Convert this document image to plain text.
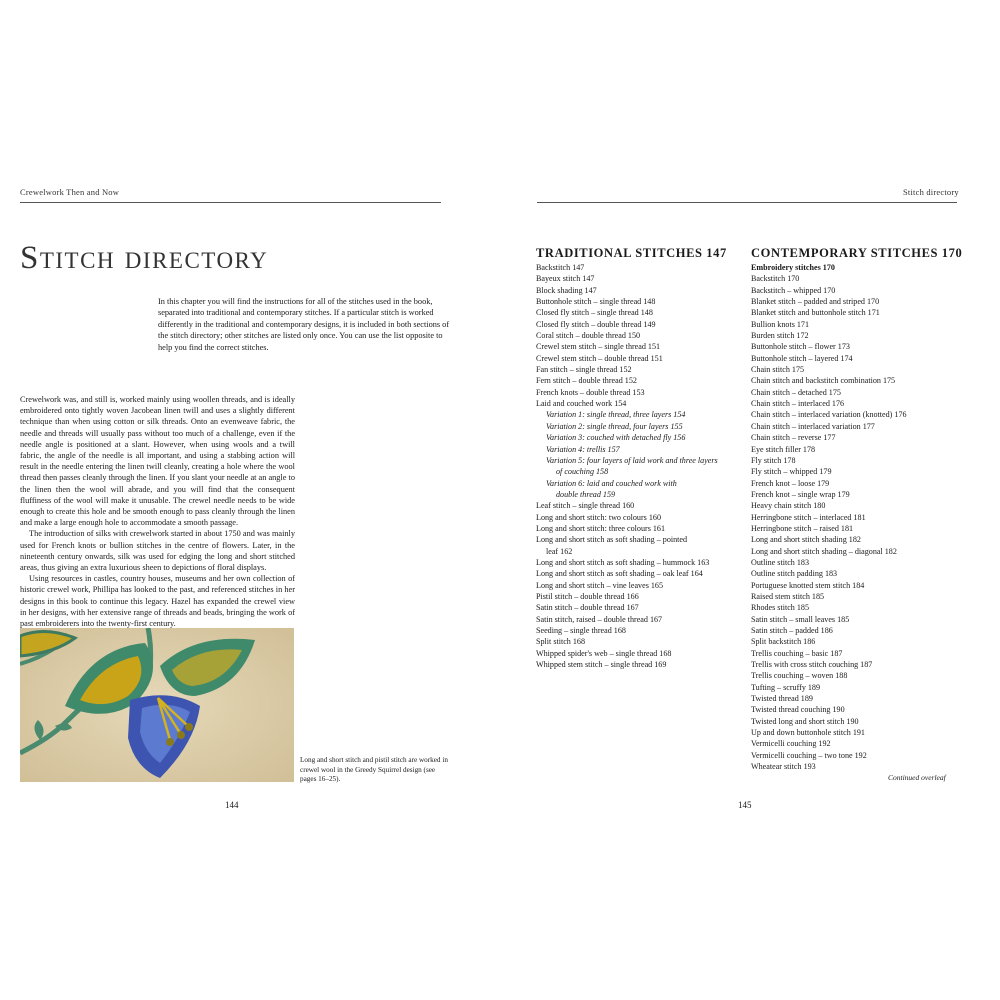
Crewelwork Then and Now
Stitch directory

In this chapter you will find the instructions for all of the stitches used in the book, separated into traditional and contemporary stitches. If a particular stitch is worked differently in the traditional and contemporary designs, it is included in both sections of the stitch directory; other stitches are listed only once. You can use the list opposite to help you find the correct stitches.

Crewelwork was, and still is, worked mainly using woollen threads, and is ideally embroidered onto tightly woven Jacobean linen twill and uses a slightly different technique than when using cotton or silk threads. Onto an evenweave fabric, the needle and threads will usually pass without too much of a challenge, even if the needle angle is positioned at a slant. However, when using wools and a twill fabric, the angle of the needle is all important, and using a stabbing action will result in the needle entering the linen twill cleanly, creating a hole where the wool thread then passes cleanly through the linen. If you slant your needle at an angle to the linen then the wool will abrade, and you will find that the consequent fluffiness of the wool will make it unusable. The crewel needle needs to be wide enough to create this hole and be smooth enough to pass cleanly through the linen and make a large enough hole to accommodate a smooth passage.

The introduction of silks with crewelwork started in about 1750 and was mainly used for French knots or bullion stitches in the centre of flowers. Later, in the nineteenth century onwards, silk was used for edging the long and short stitched areas, thus giving an extra luxurious sheen to depictions of floral displays.

Using resources in castles, country houses, museums and her own collection of historic crewel work, Phillipa has looked to the past, and referenced stitches in her designs in this book to continue this legacy. Hazel has expanded the crewel view in her designs, with her extensive range of threads and beads, bringing the work of past embroiderers into the twenty-first century.

Long and short stitch and pistil stitch are worked in crewel wool in the Greedy Squirrel design (see pages 16–25).
144
Stitch directory
TRADITIONAL STITCHES 147
Backstitch 147
Bayeux stitch 147
Block shading 147
Buttonhole stitch – single thread 148
Closed fly stitch – single thread 148
Closed fly stitch – double thread 149
Coral stitch – double thread 150
Crewel stem stitch – single thread 151
Crewel stem stitch – double thread 151
Fan stitch – single thread 152
Fern stitch – double thread 152
French knots – double thread 153
Laid and couched work 154
Variation 1: single thread, three layers 154
Variation 2: single thread, four layers 155
Variation 3: couched with detached fly 156
Variation 4: trellis 157
Variation 5: four layers of laid work and three layers
of couching 158
Variation 6: laid and couched work with
double thread 159
Leaf stitch – single thread 160
Long and short stitch: two colours 160
Long and short stitch: three colours 161
Long and short stitch as soft shading – pointed
leaf 162
Long and short stitch as soft shading – hummock 163
Long and short stitch as soft shading – oak leaf 164
Long and short stitch – vine leaves 165
Pistil stitch – double thread 166
Satin stitch – double thread 167
Satin stitch, raised – double thread 167
Seeding – single thread 168
Split stitch 168
Whipped spider's web – single thread 168
Whipped stem stitch – single thread 169
CONTEMPORARY STITCHES 170
Embroidery stitches 170
Backstitch 170
Backstitch – whipped 170
Blanket stitch – padded and striped 170
Blanket stitch and buttonhole stitch 171
Bullion knots 171
Burden stitch 172
Buttonhole stitch – flower 173
Buttonhole stitch – layered 174
Chain stitch 175
Chain stitch and backstitch combination 175
Chain stitch – detached 175
Chain stitch – interlaced 176
Chain stitch – interlaced variation (knotted) 176
Chain stitch – interlaced variation 177
Chain stitch – reverse 177
Eye stitch filler 178
Fly stitch 178
Fly stitch – whipped 179
French knot – loose 179
French knot – single wrap 179
Heavy chain stitch 180
Herringbone stitch – interlaced 181
Herringbone stitch – raised 181
Long and short stitch shading 182
Long and short stitch shading – diagonal 182
Outline stitch 183
Outline stitch padding 183
Portuguese knotted stem stitch 184
Raised stem stitch 185
Rhodes stitch 185
Satin stitch – small leaves 185
Satin stitch – padded 186
Split backstitch 186
Trellis couching – basic 187
Trellis with cross stitch couching 187
Trellis couching – woven 188
Tufting – scruffy 189
Twisted thread 189
Twisted thread couching 190
Twisted long and short stitch 190
Up and down buttonhole stitch 191
Vermicelli couching 192
Vermicelli couching – two tone 192
Wheatear stitch 193
145
Continued overleaf
